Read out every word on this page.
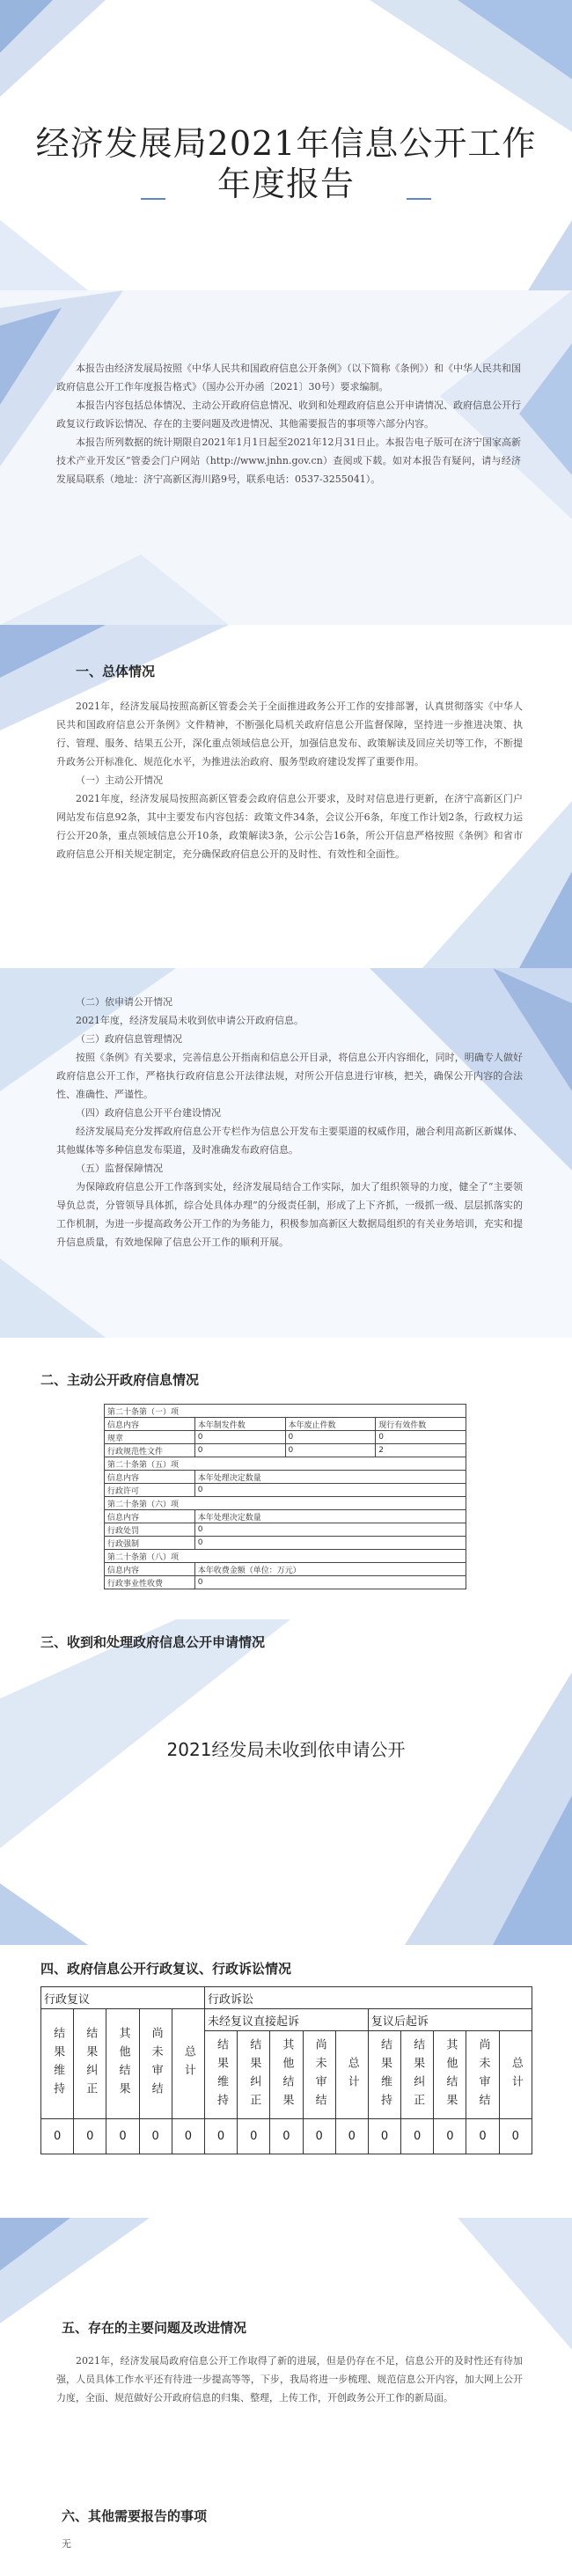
经济发展局2021年信息公开工作
年度报告

本报告由经济发展局按照《中华人民共和国政府信息公开条例》（以下简称《条例》）和《中华人民共和国政府信息公开工作年度报告格式》（国办公开办函〔2021〕30号）要求编制。

本报告内容包括总体情况、主动公开政府信息情况、收到和处理政府信息公开申请情况、政府信息公开行政复议行政诉讼情况、存在的主要问题及改进情况、其他需要报告的事项等六部分内容。

本报告所列数据的统计期限自2021年1月1日起至2021年12月31日止。本报告电子版可在济宁国家高新技术产业开发区”管委会门户网站（http://www.jnhn.gov.cn）查阅或下载。如对本报告有疑问，请与经济发展局联系（地址：济宁高新区海川路9号，联系电话：0537-3255041）。

一、总体情况

2021年，经济发展局按照高新区管委会关于全面推进政务公开工作的安排部署，认真贯彻落实《中华人民共和国政府信息公开条例》文件精神，不断强化局机关政府信息公开监督保障，坚持进一步推进决策、执行、管理、服务、结果五公开，深化重点领域信息公开，加强信息发布、政策解读及回应关切等工作，不断提升政务公开标准化、规范化水平，为推进法治政府、服务型政府建设发挥了重要作用。

（一）主动公开情况

2021年度，经济发展局按照高新区管委会政府信息公开要求，及时对信息进行更新，在济宁高新区门户网站发布信息92条，其中主要发布内容包括：政策文件34条，会议公开6条，年度工作计划2条，行政权力运行公开20条，重点领域信息公开10条，政策解读3条，公示公告16条，所公开信息严格按照《条例》和省市政府信息公开相关规定制定，充分确保政府信息公开的及时性、有效性和全面性。

（二）依申请公开情况

2021年度，经济发展局未收到依申请公开政府信息。

（三）政府信息管理情况

按照《条例》有关要求，完善信息公开指南和信息公开目录，将信息公开内容细化，同时，明确专人做好政府信息公开工作，严格执行政府信息公开法律法规，对所公开信息进行审核，把关，确保公开内容的合法性、准确性、严谨性。

（四）政府信息公开平台建设情况

经济发展局充分发挥政府信息公开专栏作为信息公开发布主要渠道的权威作用，融合利用高新区新媒体、其他媒体等多种信息发布渠道，及时准确发布政府信息。

（五）监督保障情况

为保障政府信息公开工作落到实处，经济发展局结合工作实际，加大了组织领导的力度，健全了“主要领导负总责，分管领导具体抓，综合处具体办理”的分级责任制，形成了上下齐抓，一级抓一级、层层抓落实的工作机制，为进一步提高政务公开工作的为务能力，积极参加高新区大数据局组织的有关业务培训，充实和提升信息质量，有效地保障了信息公开工作的顺利开展。

二、主动公开政府信息情况
第二十条第（一）项			
信息内容	本年制发件数	本年废止件数	现行有效件数
规章	0	0	0
行政规范性文件	0	0	2
第二十条第（五）项			
信息内容	本年处理决定数量		
行政许可	0		
第二十条第（六）项			
信息内容	本年处理决定数量		
行政处罚	0		
行政强制	0		
第二十条第（八）项			
信息内容	本年收费金额（单位：万元）		
行政事业性收费	0		
三、收到和处理政府信息公开申请情况
2021经发局未收到依申请公开
四、政府信息公开行政复议、行政诉讼情况
行政复议					行政诉讼									

结果维持	结果纠正	其他结果	尚未审结	总计	未经复议直接起诉					复议后起诉				

					结果维持	结果纠正	其他结果	尚未审结	总计	结果维持	结果纠正	其他结果	尚未审结	总计

0	0	0	0	0	0	0	0	0	0	0	0	0	0	0
五、存在的主要问题及改进情况

2021年，经济发展局政府信息公开工作取得了新的进展，但是仍存在不足，信息公开的及时性还有待加强，人员具体工作水平还有待进一步提高等等，下步，我局将进一步梳理、规范信息公开内容，加大网上公开力度，全面、规范做好公开政府信息的归集、整理，上传工作，开创政务公开工作的新局面。

六、其他需要报告的事项

无
